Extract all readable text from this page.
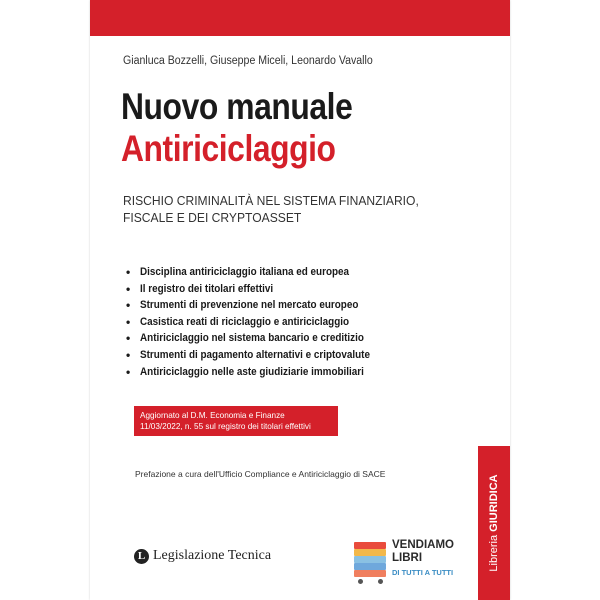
Gianluca Bozzelli, Giuseppe Miceli, Leonardo Vavallo
Nuovo manuale
Antiriciclaggio
RISCHIO CRIMINALITÀ NEL SISTEMA FINANZIARIO,
FISCALE E DEI CRYPTOASSET
• Disciplina antiriciclaggio italiana ed europea
• Il registro dei titolari effettivi
• Strumenti di prevenzione nel mercato europeo
• Casistica reati di riciclaggio e antiriciclaggio
• Antiriciclaggio nel sistema bancario e creditizio
• Strumenti di pagamento alternativi e criptovalute
• Antiriciclaggio nelle aste giudiziarie immobiliari
Aggiornato al D.M. Economia e Finanze
11/03/2022, n. 55 sul registro dei titolari effettivi
Prefazione a cura dell'Ufficio Compliance e Antiriciclaggio di SACE
L Legislazione Tecnica
VENDIAMO
LIBRI
DI TUTTI A TUTTI
Libreria GIURIDICA
